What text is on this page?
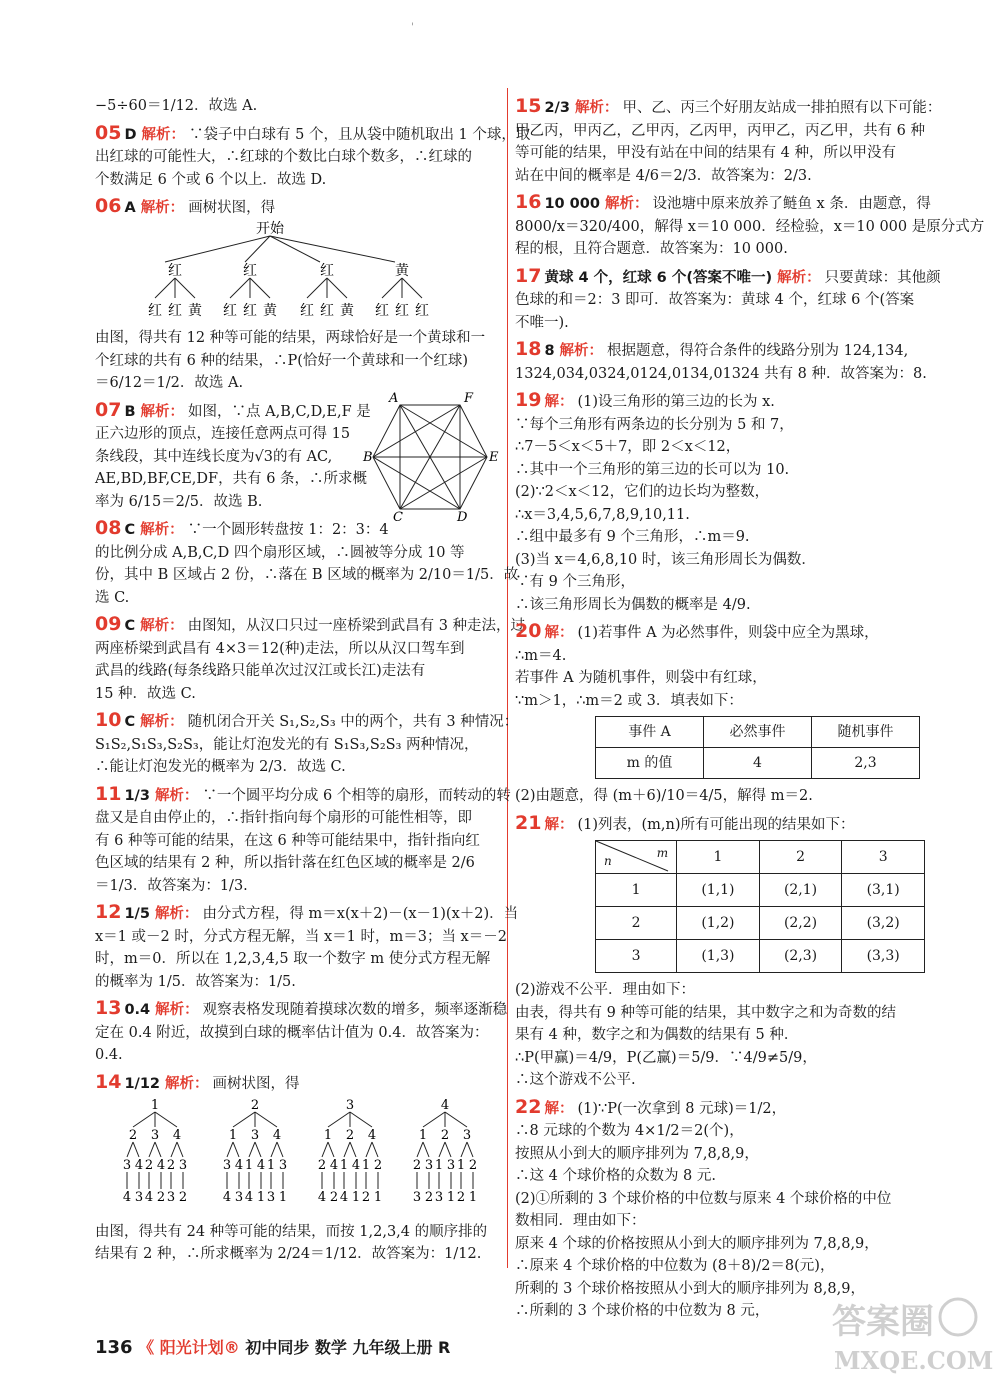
'
−5÷60＝1/12．故选 A.
05 D 解析： ∵袋子中白球有 5 个，且从袋中随机取出 1 个球，取
出红球的可能性大，∴红球的个数比白球个数多，∴红球的
个数满足 6 个或 6 个以上．故选 D.
06 A 解析： 画树状图，得
开始
红	红	红	黄
红 红 黄 红 红 黄 红 红 黄 红 红 红
由图，得共有 12 种等可能的结果，两球恰好是一个黄球和一
个红球的共有 6 种的结果，∴P(恰好一个黄球和一个红球)
＝6/12＝1/2．故选 A.
07 B 解析： 如图，∵点 A,B,C,D,E,F 是
正六边形的顶点，连接任意两点可得 15
条线段，其中连线长度为√3的有 AC,
AE,BD,BF,CE,DF，共有 6 条，∴所求概
率为 6/15＝2/5．故选 B.
A	F
B	E
C	D
08 C 解析： ∵一个圆形转盘按 1：2：3：4
的比例分成 A,B,C,D 四个扇形区域，∴圆被等分成 10 等
份，其中 B 区域占 2 份，∴落在 B 区域的概率为 2/10＝1/5．故
选 C.
09 C 解析： 由图知，从汉口只过一座桥梁到武昌有 3 种走法，过
两座桥梁到武昌有 4×3＝12(种)走法，所以从汉口驾车到
武昌的线路(每条线路只能单次过汉江或长江)走法有
15 种．故选 C.
10 C 解析： 随机闭合开关 S₁,S₂,S₃ 中的两个，共有 3 种情况：
S₁S₂,S₁S₃,S₂S₃，能让灯泡发光的有 S₁S₃,S₂S₃ 两种情况，
∴能让灯泡发光的概率为 2/3．故选 C.
11 1/3 解析： ∵一个圆平均分成 6 个相等的扇形，而转动的转
盘又是自由停止的，∴指针指向每个扇形的可能性相等，即
有 6 种等可能的结果，在这 6 种等可能结果中，指针指向红
色区域的结果有 2 种，所以指针落在红色区域的概率是 2/6
＝1/3．故答案为：1/3.
12 1/5 解析： 由分式方程，得 m＝x(x＋2)－(x－1)(x＋2)．当
x＝1 或－2 时，分式方程无解，当 x＝1 时，m＝3；当 x＝－2
时，m＝0．所以在 1,2,3,4,5 取一个数字 m 使分式方程无解
的概率为 1/5．故答案为：1/5.
13 0.4 解析： 观察表格发现随着摸球次数的增多，频率逐渐稳
定在 0.4 附近，故摸到白球的概率估计值为 0.4．故答案为：
0.4.
14 1/12 解析： 画树状图，得
1
2
3
4
4
3
3
2
4
4
2
4
2
3
3
2
2
1
3
4
4
3
3
1
4
4
1
4
1
3
3
1
3
1
2
4
4
2
2
1
4
4
1
4
1
2
2
1
4
1
2
3
3
2
2
1
3
3
1
3
1
2
2
1
由图，得共有 24 种等可能的结果，而按 1,2,3,4 的顺序排的
结果有 2 种，∴所求概率为 2/24＝1/12．故答案为：1/12.
15 2/3 解析： 甲、乙、丙三个好朋友站成一排拍照有以下可能：
甲乙丙，甲丙乙，乙甲丙，乙丙甲，丙甲乙，丙乙甲，共有 6 种
等可能的结果，甲没有站在中间的结果有 4 种，所以甲没有
站在中间的概率是 4/6＝2/3．故答案为：2/3.
16 10 000 解析： 设池塘中原来放养了鲢鱼 x 条．由题意，得
8000/x＝320/400，解得 x＝10 000．经检验，x＝10 000 是原分式方
程的根，且符合题意．故答案为：10 000.
17 黄球 4 个，红球 6 个(答案不唯一) 解析： 只要黄球：其他颜
色球的和＝2：3 即可．故答案为：黄球 4 个，红球 6 个(答案
不唯一).
18 8 解析： 根据题意，得符合条件的线路分别为 124,134,
1324,034,0324,0124,0134,01324 共有 8 种．故答案为：8.
19 解： (1)设三角形的第三边的长为 x.
∵每个三角形有两条边的长分别为 5 和 7，
∴7－5＜x＜5＋7，即 2＜x＜12，
∴其中一个三角形的第三边的长可以为 10.
(2)∵2＜x＜12，它们的边长均为整数，
∴x＝3,4,5,6,7,8,9,10,11.
∴组中最多有 9 个三角形，∴m＝9.
(3)当 x＝4,6,8,10 时，该三角形周长为偶数．
∵有 9 个三角形，
∴该三角形周长为偶数的概率是 4/9.
20 解： (1)若事件 A 为必然事件，则袋中应全为黑球，
∴m＝4.
若事件 A 为随机事件，则袋中有红球，
∵m＞1，∴m＝2 或 3．填表如下：
事件 A	必然事件	随机事件
m 的值	4	2,3
(2)由题意，得 (m＋6)/10＝4/5，解得 m＝2.
21 解： (1)列表，(m,n)所有可能出现的结果如下：
m
n	1	2	3
1	(1,1)	(2,1)	(3,1)
2	(1,2)	(2,2)	(3,2)
3	(1,3)	(2,3)	(3,3)
(2)游戏不公平．理由如下：
由表，得共有 9 种等可能的结果，其中数字之和为奇数的结
果有 4 种，数字之和为偶数的结果有 5 种．
∴P(甲赢)＝4/9，P(乙赢)＝5/9．∵4/9≠5/9，
∴这个游戏不公平.
22 解： (1)∵P(一次拿到 8 元球)＝1/2，
∴8 元球的个数为 4×1/2＝2(个)，
按照从小到大的顺序排列为 7,8,8,9，
∴这 4 个球价格的众数为 8 元.
(2)①所剩的 3 个球价格的中位数与原来 4 个球价格的中位
数相同．理由如下：
原来 4 个球的价格按照从小到大的顺序排列为 7,8,8,9，
∴原来 4 个球价格的中位数为 (8＋8)/2＝8(元)，
所剩的 3 个球价格按照从小到大的顺序排列为 8,8,9，
∴所剩的 3 个球价格的中位数为 8 元，
136 《 阳光计划® 初中同步 数学 九年级上册 R
答案圈
MXQE.COM
